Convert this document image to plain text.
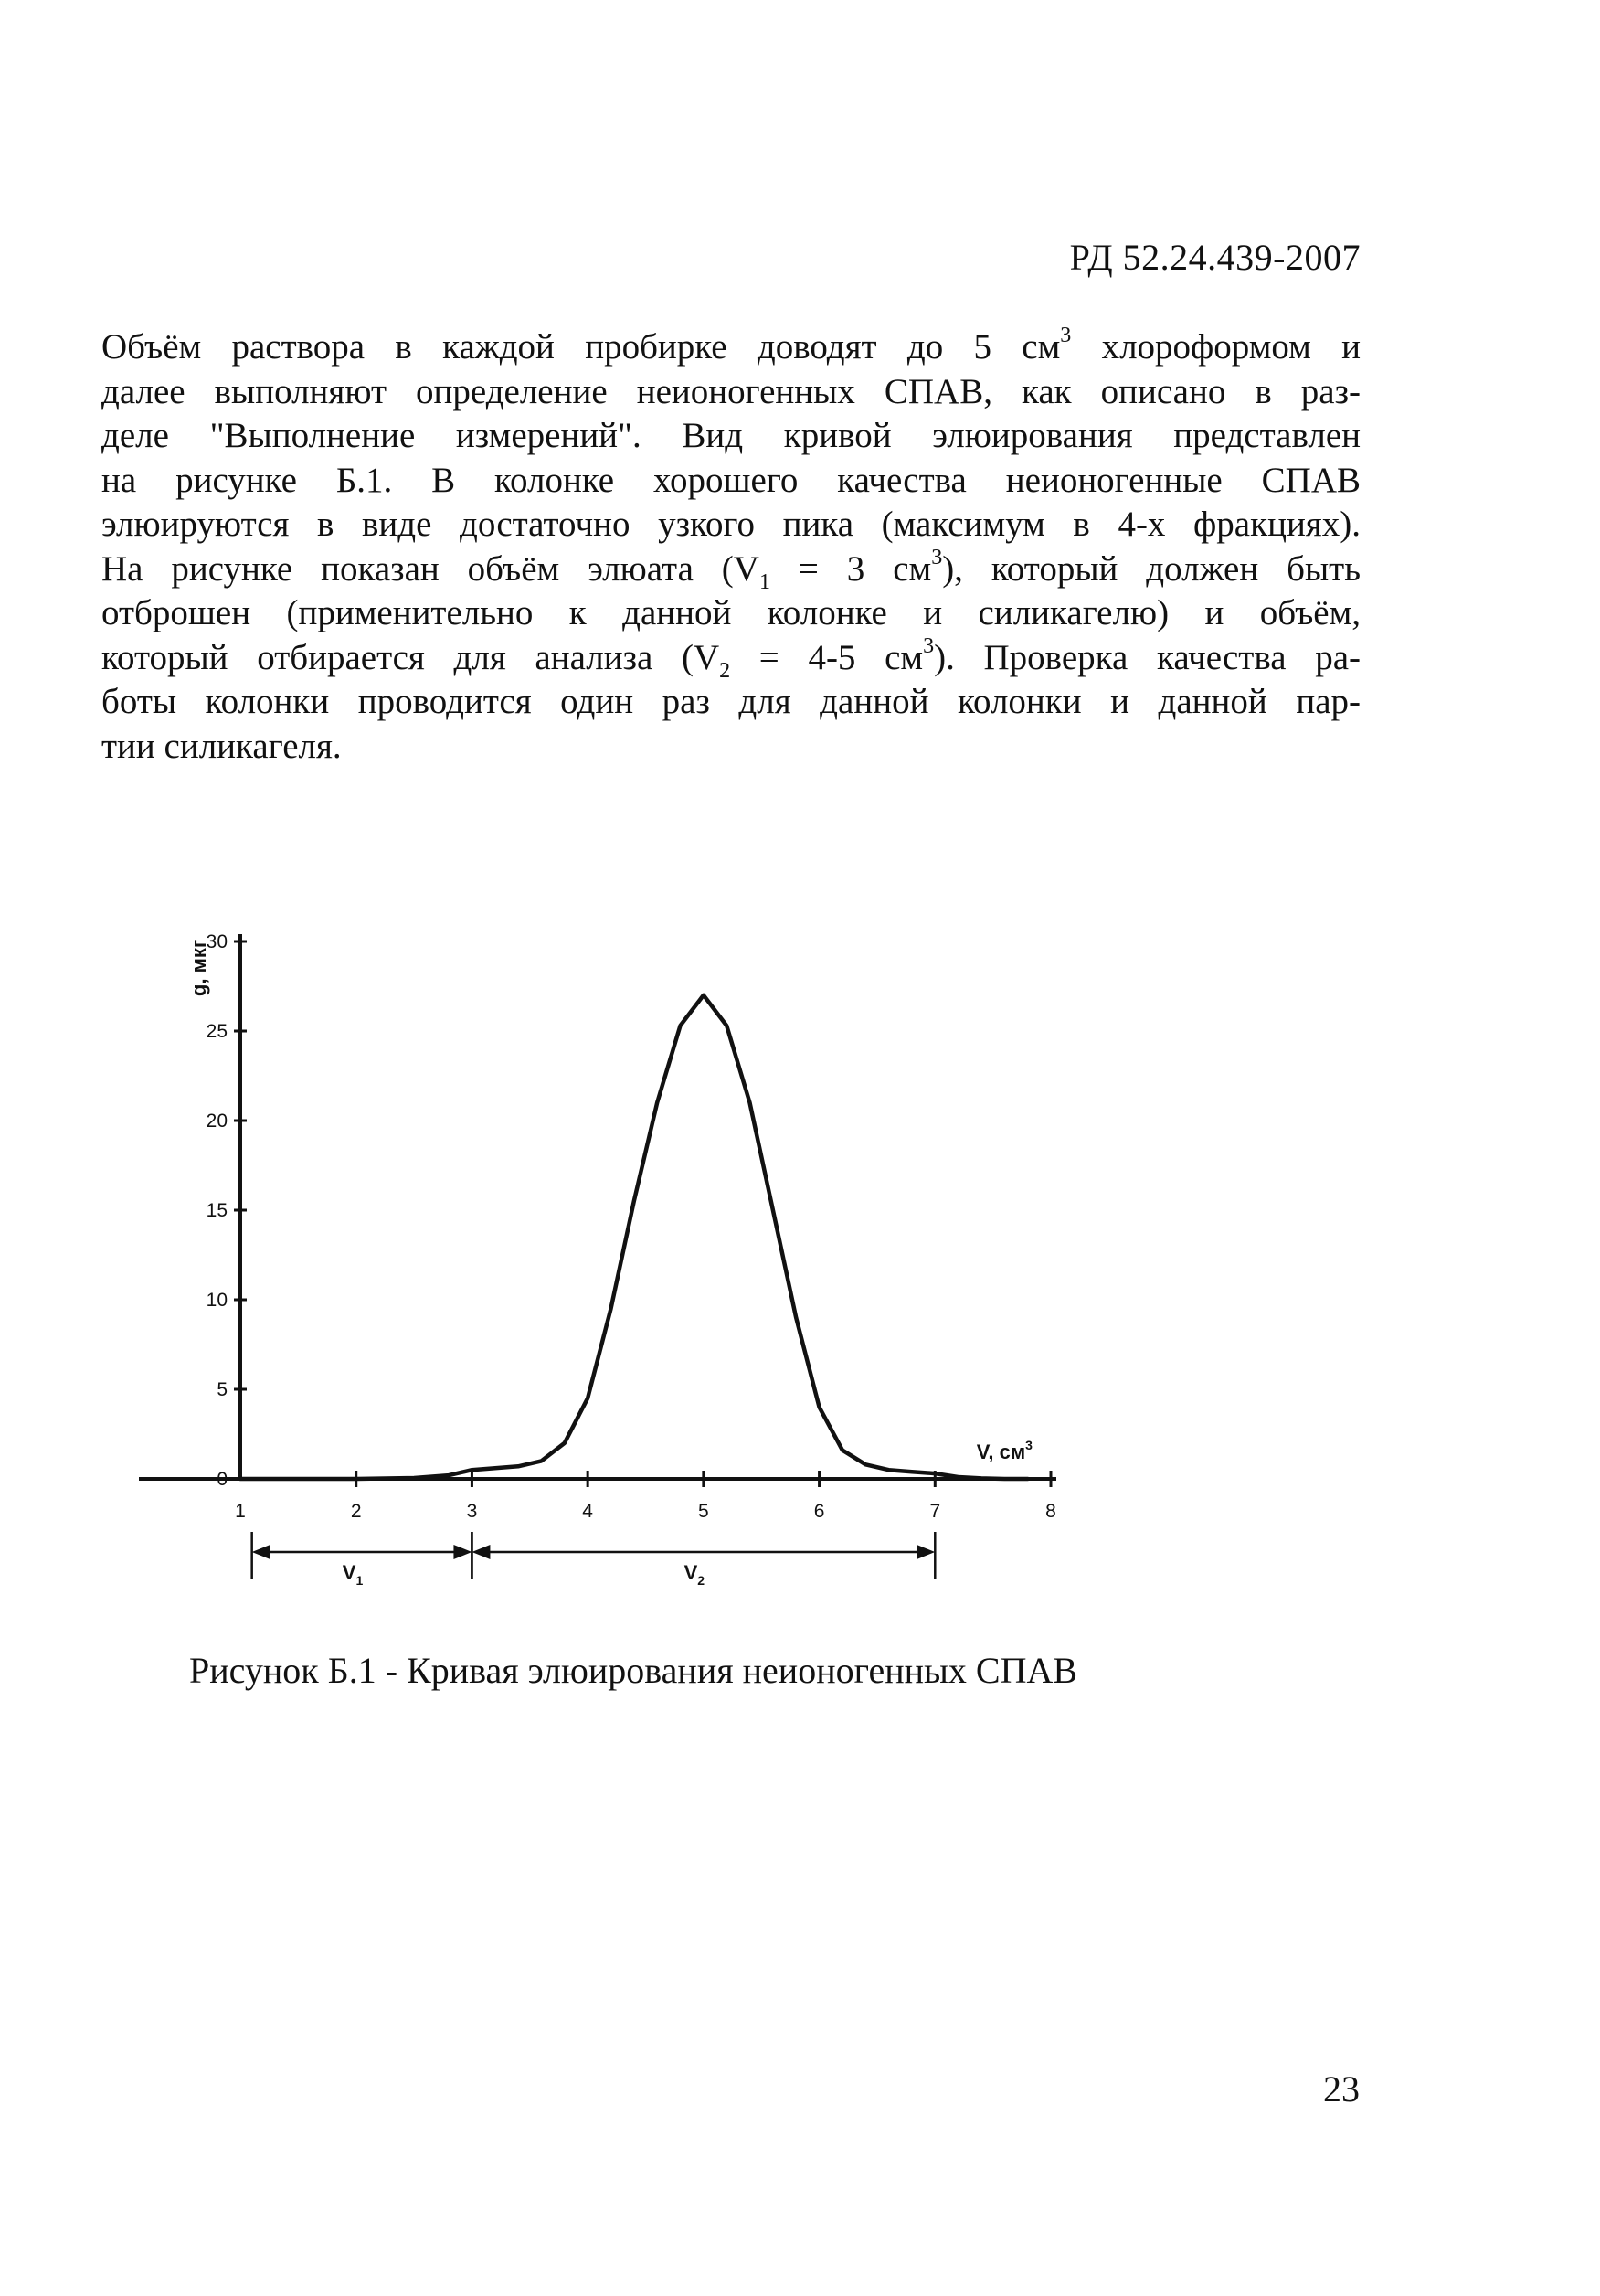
РД 52.24.439-2007
Объём раствора в каждой пробирке доводят до 5 $см^3$ хлороформом и
далее выполняют определение неионогенных СПАВ, как описано в раз-
деле "Выполнение измерений". Вид кривой элюирования представлен
на рисунке Б.1. В колонке хорошего качества неионогенные СПАВ
элюируются в виде достаточно узкого пика (максимум в 4-х фракциях).
На рисунке показан объём элюата ($V_1 = 3$ $см^3$), который должен быть
отброшен (применительно к данной колонке и силикагелю) и объём,
который отбирается для анализа ($V_2 = 4-5$ $см^3$). Проверка качества ра-
боты колонки проводится один раз для данной колонки и данной пар-
тии силикагеля.
0
5
10
15
20
25
30
g, мкг
1	2	3	4	5	6	7	8
V, $см^3$
$V_1$	$V_2$
Рисунок Б.1 - Кривая элюирования неионогенных СПАВ
23
